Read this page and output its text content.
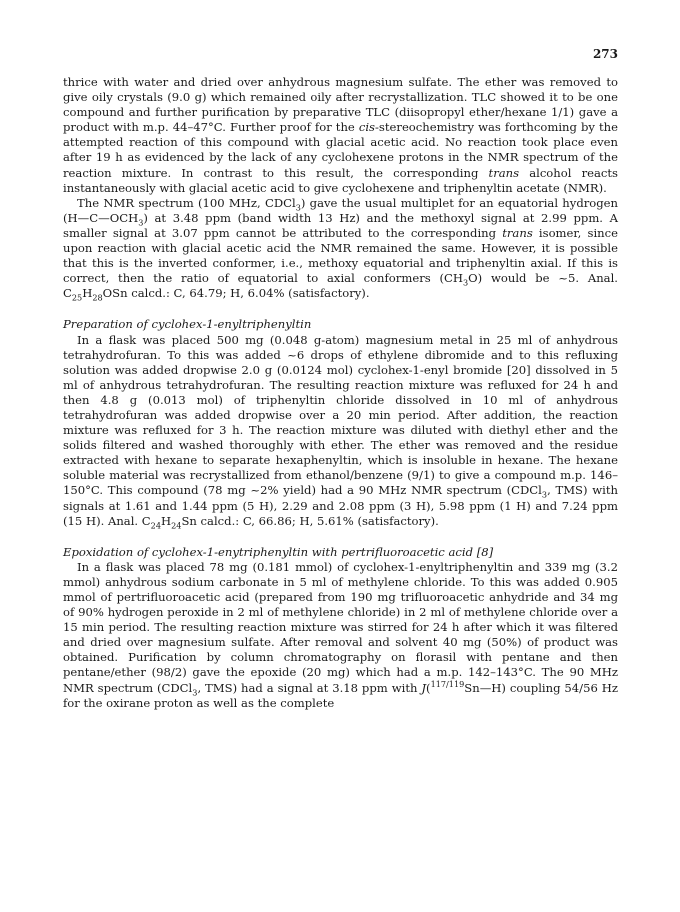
273

thrice with water and dried over anhydrous magnesium sulfate. The ether was removed to give oily crystals (9.0 g) which remained oily after recrystallization. TLC showed it to be one compound and further purification by preparative TLC (diisopropyl ether/hexane 1/1) gave a product with m.p. 44–47°C. Further proof for the cis-stereochemistry was forthcoming by the attempted reaction of this compound with glacial acetic acid. No reaction took place even after 19 h as evidenced by the lack of any cyclohexene protons in the NMR spectrum of the reaction mixture. In contrast to this result, the corresponding trans alcohol reacts instantaneously with glacial acetic acid to give cyclohexene and triphenyltin acetate (NMR).

The NMR spectrum (100 MHz, CDCl$_3$) gave the usual multiplet for an equatorial hydrogen $(H—C—OCH_3)$ at 3.48 ppm (band width 13 Hz) and the methoxyl signal at 2.99 ppm. A smaller signal at 3.07 ppm cannot be attributed to the corresponding trans isomer, since upon reaction with glacial acetic acid the NMR remained the same. However, it is possible that this is the inverted conformer, i.e., methoxy equatorial and triphenyltin axial. If this is correct, then the ratio of equatorial to axial conformers $(CH_3O)$ would be ~5. Anal. $C_{25}H_{28}OSn$ calcd.: C, 64.79; H, 6.04% (satisfactory).

Preparation of cyclohex-1-enyltriphenyltin

In a flask was placed 500 mg (0.048 g-atom) magnesium metal in 25 ml of anhydrous tetrahydrofuran. To this was added ~6 drops of ethylene dibromide and to this refluxing solution was added dropwise 2.0 g (0.0124 mol) cyclohex-1-enyl bromide [20] dissolved in 5 ml of anhydrous tetrahydrofuran. The resulting reaction mixture was refluxed for 24 h and then 4.8 g (0.013 mol) of triphenyltin chloride dissolved in 10 ml of anhydrous tetrahydrofuran was added dropwise over a 20 min period. After addition, the reaction mixture was refluxed for 3 h. The reaction mixture was diluted with diethyl ether and the solids filtered and washed thoroughly with ether. The ether was removed and the residue extracted with hexane to separate hexaphenyltin, which is insoluble in hexane. The hexane soluble material was recrystallized from ethanol/benzene (9/1) to give a compound m.p. 146–150°C. This compound (78 mg ~2% yield) had a 90 MHz NMR spectrum (CDCl$_3$, TMS) with signals at 1.61 and 1.44 ppm (5 H), 2.29 and 2.08 ppm (3 H), 5.98 ppm (1 H) and 7.24 ppm (15 H). Anal. $C_{24}H_{24}Sn$ calcd.: C, 66.86; H, 5.61% (satisfactory).

Epoxidation of cyclohex-1-enytriphenyltin with pertrifluoroacetic acid [8]

In a flask was placed 78 mg (0.181 mmol) of cyclohex-1-enyltriphenyltin and 339 mg (3.2 mmol) anhydrous sodium carbonate in 5 ml of methylene chloride. To this was added 0.905 mmol of pertrifluoroacetic acid (prepared from 190 mg trifluoroacetic anhydride and 34 mg of 90% hydrogen peroxide in 2 ml of methylene chloride) in 2 ml of methylene chloride over a 15 min period. The resulting reaction mixture was stirred for 24 h after which it was filtered and dried over magnesium sulfate. After removal and solvent 40 mg (50%) of product was obtained. Purification by column chromatography on florasil with pentane and then pentane/ether (98/2) gave the epoxide (20 mg) which had a m.p. 142–143°C. The 90 MHz NMR spectrum (CDCl$_3$, TMS) had a signal at 3.18 ppm with J($^{117/119}$Sn—H) coupling 54/56 Hz for the oxirane proton as well as the complete
